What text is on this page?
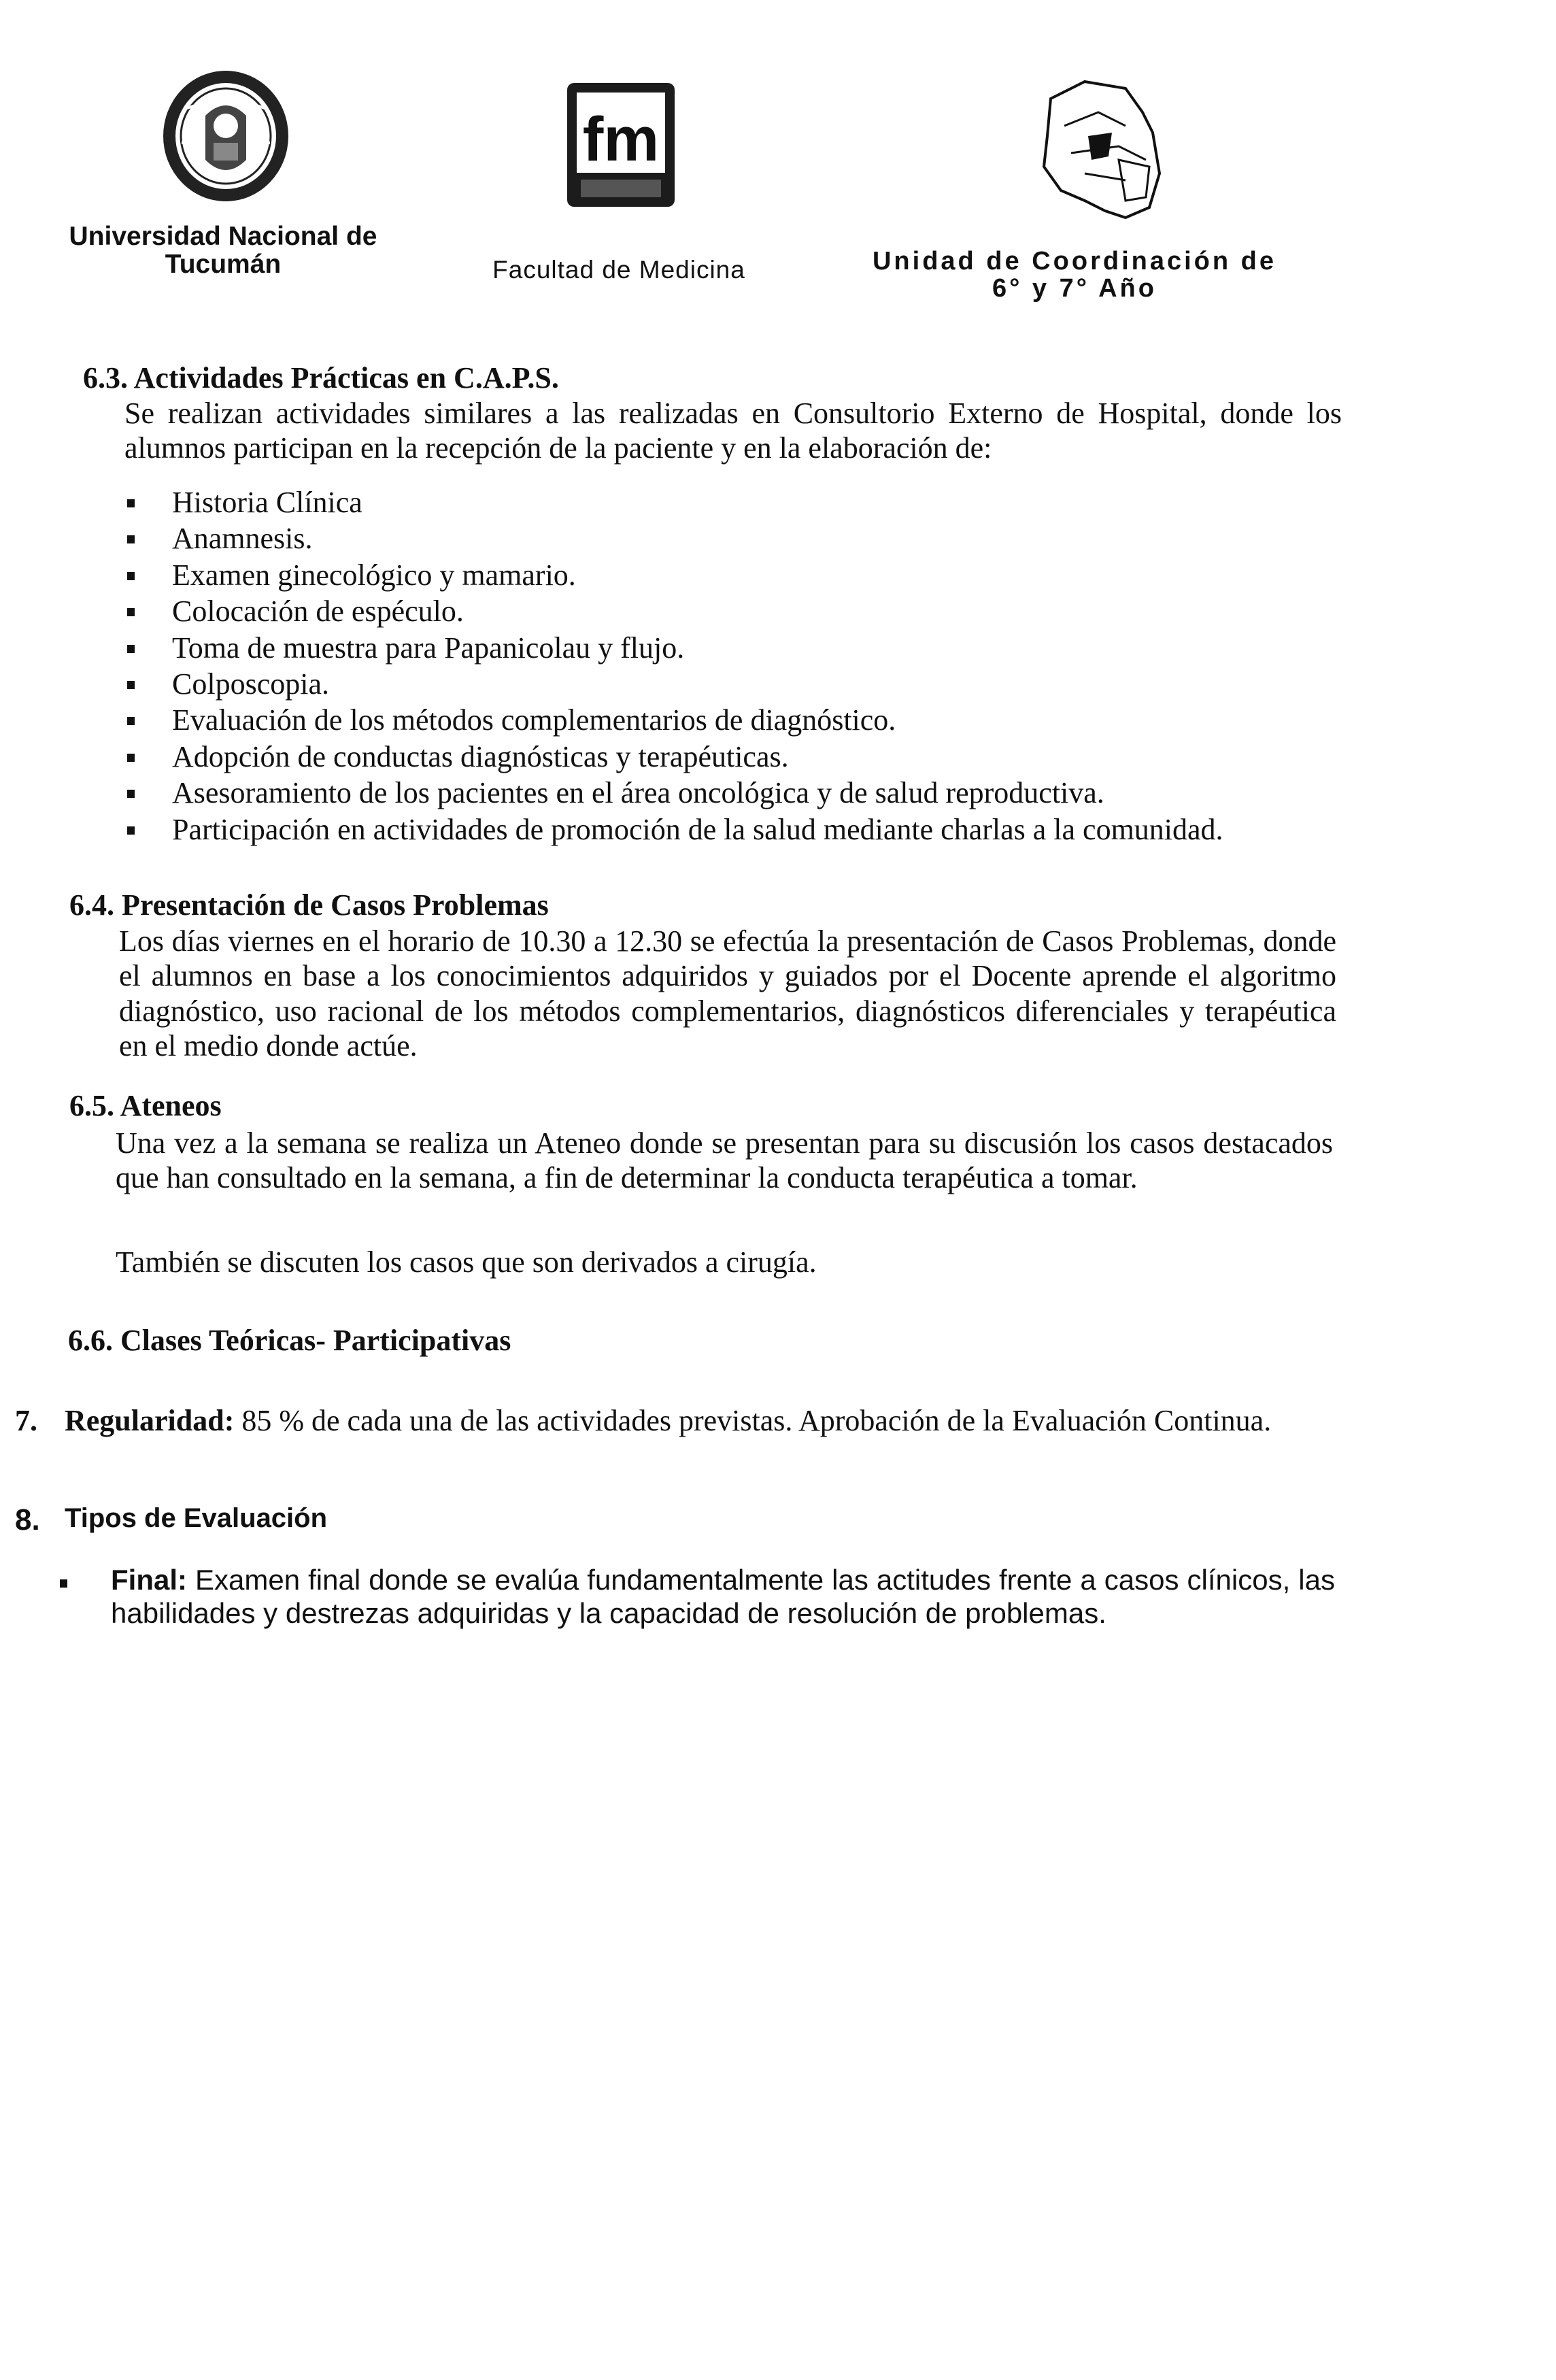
fm
Universidad Nacional de
Tucumán	Facultad de Medicina	Unidad de Coordinación de
6° y 7° Año
6.3. Actividades Prácticas en C.A.P.S.
Se realizan actividades similares a las realizadas en Consultorio Externo de Hospital, donde los alumnos participan en la recepción de la paciente y en la elaboración de:
Historia Clínica
Anamnesis.
Examen ginecológico y mamario.
Colocación de espéculo.
Toma de muestra para Papanicolau y flujo.
Colposcopia.
Evaluación de los métodos complementarios de diagnóstico.
Adopción de conductas diagnósticas y terapéuticas.
Asesoramiento de los pacientes en el área oncológica y de salud reproductiva.
Participación en actividades de promoción de la salud mediante charlas a la comunidad.
6.4. Presentación de Casos Problemas
Los días viernes en el horario de 10.30 a 12.30 se efectúa la presentación de Casos Problemas, donde el alumnos en base a los conocimientos adquiridos y guiados por el Docente aprende el algoritmo diagnóstico, uso racional de los métodos complementarios, diagnósticos diferenciales y terapéutica en el medio donde actúe.
6.5. Ateneos
Una vez a la semana se realiza un Ateneo donde se presentan para su discusión los casos destacados que han consultado en la semana, a fin de determinar la conducta terapéutica a tomar.
También se discuten los casos que son derivados a cirugía.
6.6. Clases Teóricas- Participativas
7. Regularidad: 85 % de cada una de las actividades previstas. Aprobación de la Evaluación Continua.
8. Tipos de Evaluación
Final: Examen final donde se evalúa fundamentalmente las actitudes frente a casos clínicos, las habilidades y destrezas adquiridas y la capacidad de resolución de problemas.
